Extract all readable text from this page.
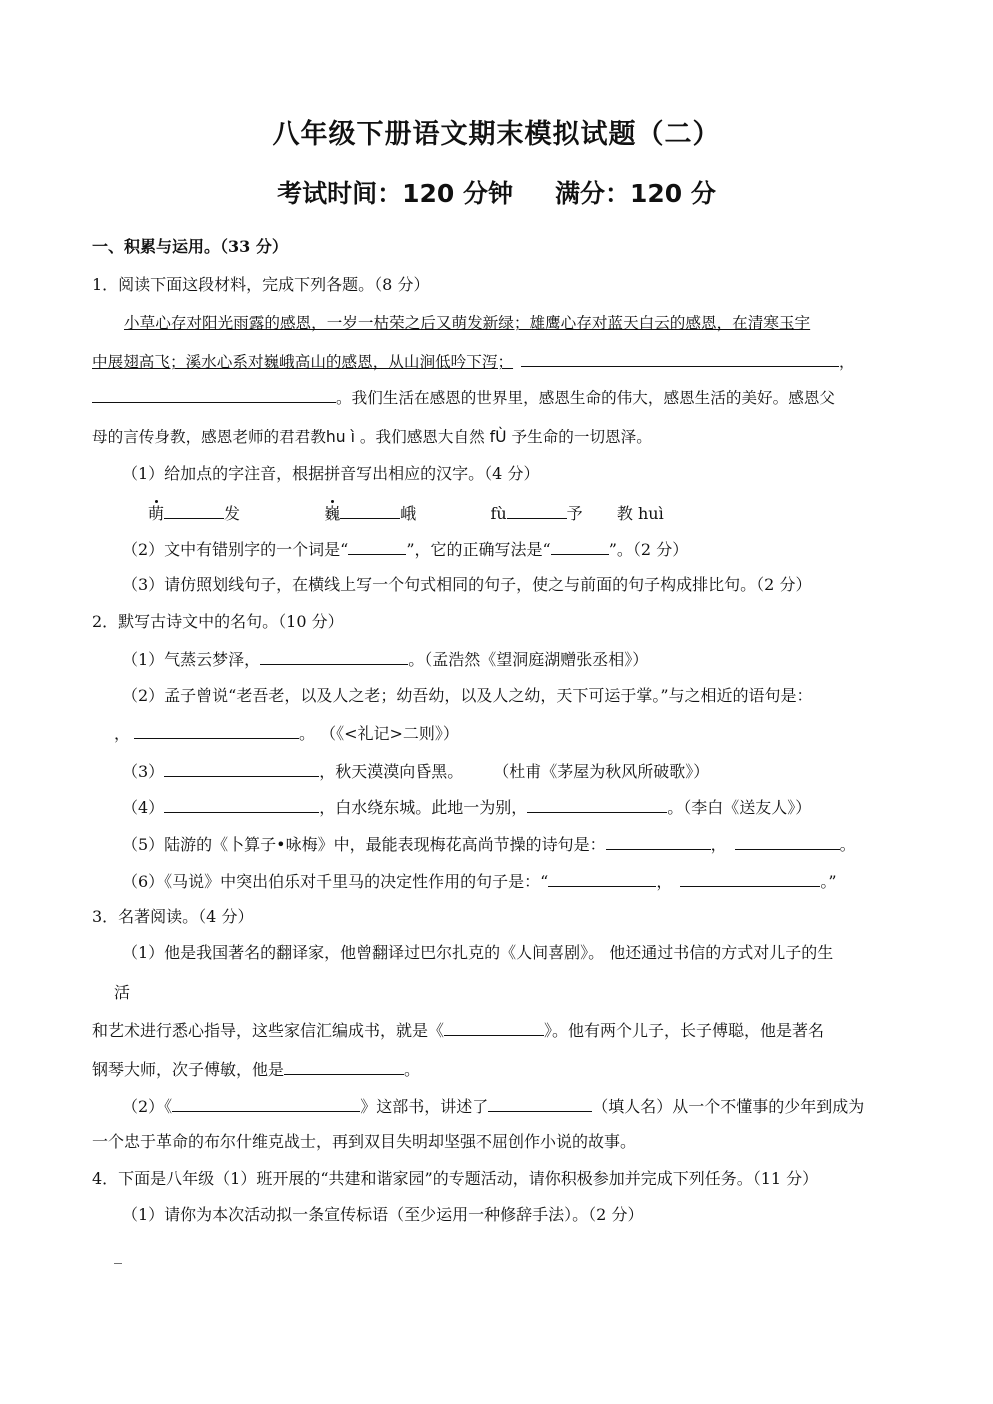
八年级下册语文期末模拟试题（二）
考试时间：120 分钟 满分：120 分
一、积累与运用。（33 分）
1．阅读下面这段材料，完成下列各题。（8 分）
小草心存对阳光雨露的感恩，一岁一枯荣之后又萌发新绿；雄鹰心存对蓝天白云的感恩，在清寒玉宇
中展翅高飞；溪水心系对巍峨高山的感恩，从山涧低吟下泻；	，
。我们生活在感恩的世界里，感恩生命的伟大，感恩生活的美好。感恩父
母的言传身教，感恩老师的君君教hu ì 。我们感恩大自然 fÙ 予生命的一切恩泽。
（1）给加点的字注音，根据拼音写出相应的汉字。（4 分）
萌	发	巍	峨	fù	予 教 huì
（2）文中有错别字的一个词是“	”，它的正确写法是“	”。（2 分）
（3）请仿照划线句子，在横线上写一个句式相同的句子，使之与前面的句子构成排比句。（2 分）
2．默写古诗文中的名句。（10 分）
（1）气蒸云梦泽，	。（孟浩然《望洞庭湖赠张丞相》）
（2）孟子曾说“老吾老，以及人之老；幼吾幼，以及人之幼，天下可运于掌。”与之相近的语句是：
，	。 （《<礼记>二则》）
（3）	，秋天漠漠向昏黑。 （杜甫《茅屋为秋风所破歌》）
（4）	，白水绕东城。此地一为别，	。（李白《送友人》）
（5）陆游的《卜算子•咏梅》中，最能表现梅花高尚节操的诗句是：	，	。
（6）《马说》中突出伯乐对千里马的决定性作用的句子是：“	，	。”
3．名著阅读。（4 分）
（1）他是我国著名的翻译家，他曾翻译过巴尔扎克的《人间喜剧》。 他还通过书信的方式对儿子的生
活
和艺术进行悉心指导，这些家信汇编成书，就是《	》。他有两个儿子，长子傅聪，他是著名
钢琴大师，次子傅敏，他是	。
（2）《	》这部书，讲述了	（填人名）从一个不懂事的少年到成为
一个忠于革命的布尔什维克战士，再到双目失明却坚强不屈创作小说的故事。
4．下面是八年级（1）班开展的“共建和谐家园”的专题活动，请你积极参加并完成下列任务。（11 分）
（1）请你为本次活动拟一条宣传标语（至少运用一种修辞手法）。（2 分）
_
